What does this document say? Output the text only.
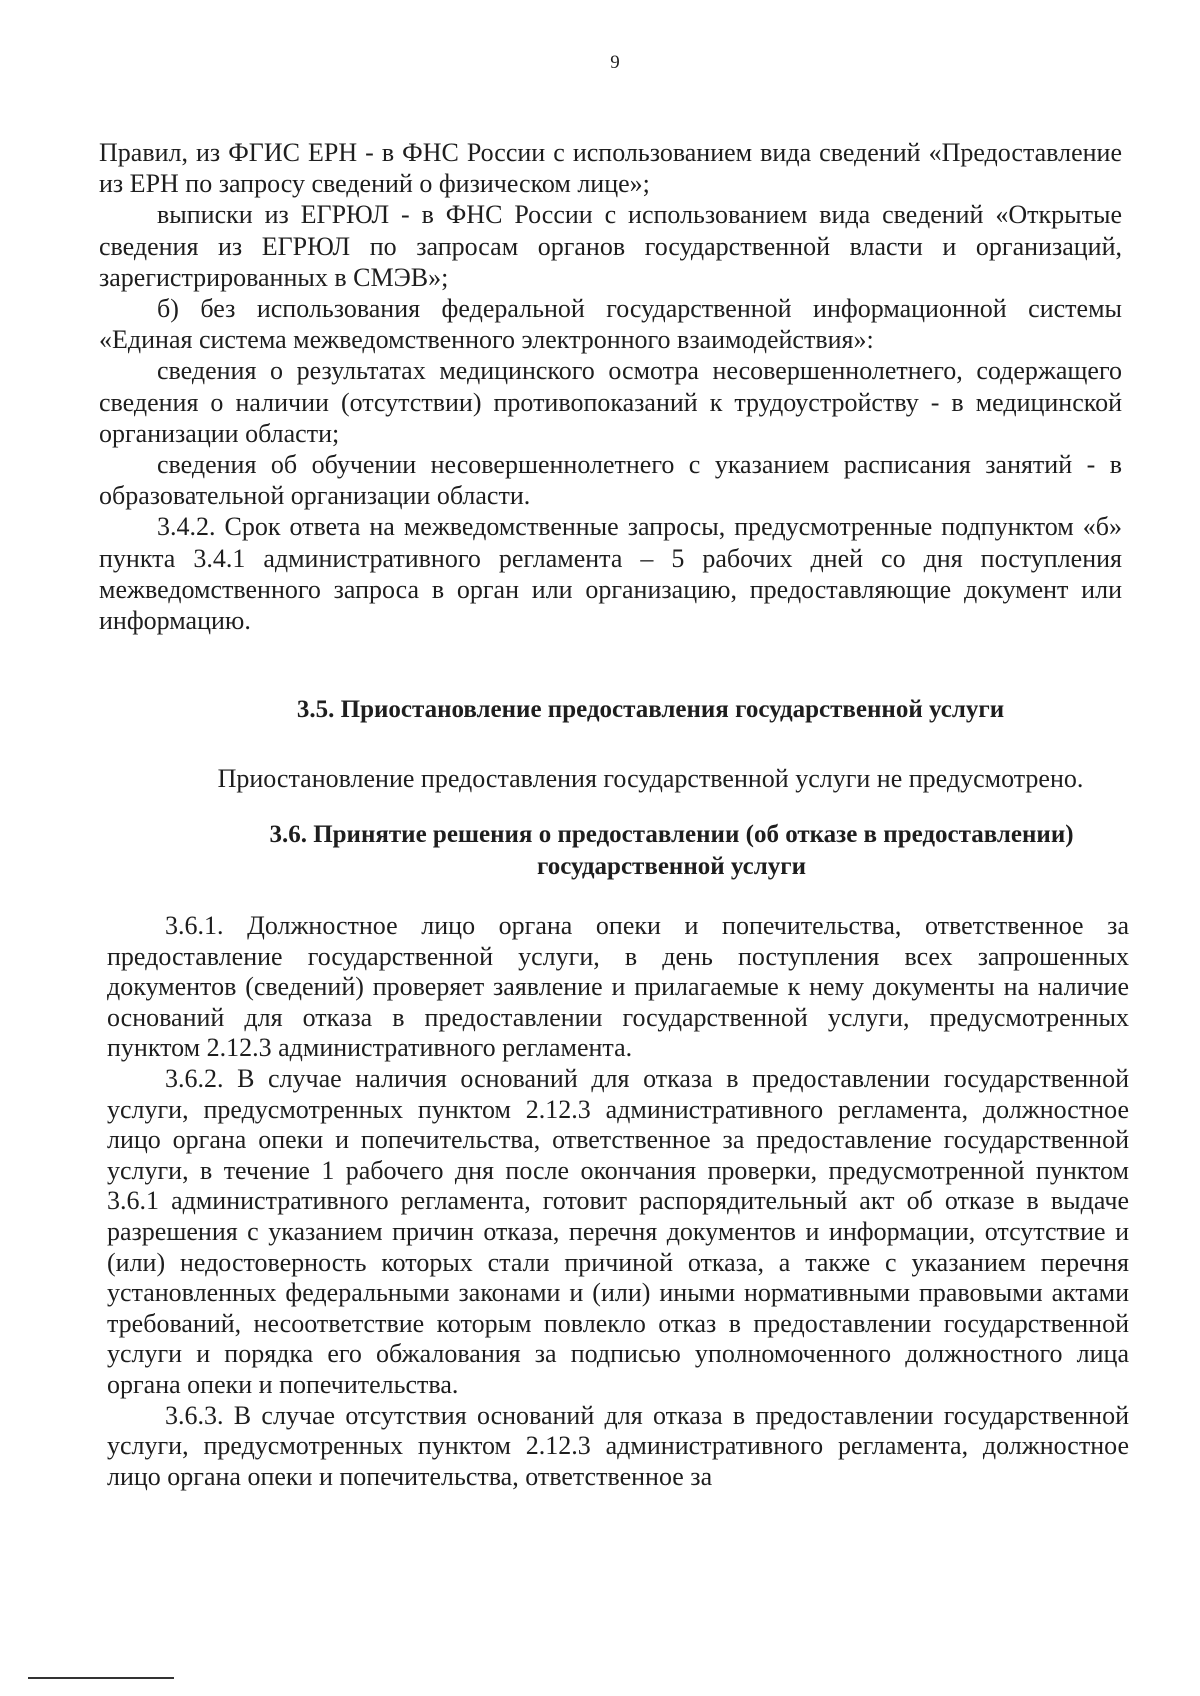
9

Правил, из ФГИС ЕРН - в ФНС России с использованием вида сведений «Предоставление из ЕРН по запросу сведений о физическом лице»;

выписки из ЕГРЮЛ - в ФНС России с использованием вида сведений «Открытые сведения из ЕГРЮЛ по запросам органов государственной власти и организаций, зарегистрированных в СМЭВ»;

б) без использования федеральной государственной информационной системы «Единая система межведомственного электронного взаимодействия»:

сведения о результатах медицинского осмотра несовершеннолетнего, содержащего сведения о наличии (отсутствии) противопоказаний к трудоустройству - в медицинской организации области;

сведения об обучении несовершеннолетнего с указанием расписания занятий - в образовательной организации области.

3.4.2. Срок ответа на межведомственные запросы, предусмотренные подпунктом «б» пункта 3.4.1 административного регламента – 5 рабочих дней со дня поступления межведомственного запроса в орган или организацию, предоставляющие документ или информацию.

3.5. Приостановление предоставления государственной услуги
Приостановление предоставления государственной услуги не предусмотрено.
3.6. Принятие решения о предоставлении (об отказе в предоставлении)
государственной услуги

3.6.1. Должностное лицо органа опеки и попечительства, ответственное за предоставление государственной услуги, в день поступления всех запрошенных документов (сведений) проверяет заявление и прилагаемые к нему документы на наличие оснований для отказа в предоставлении государственной услуги, предусмотренных пунктом 2.12.3 административного регламента.

3.6.2. В случае наличия оснований для отказа в предоставлении государственной услуги, предусмотренных пунктом 2.12.3 административного регламента, должностное лицо органа опеки и попечительства, ответственное за предоставление государственной услуги, в течение 1 рабочего дня после окончания проверки, предусмотренной пунктом 3.6.1 административного регламента, готовит распорядительный акт об отказе в выдаче разрешения с указанием причин отказа, перечня документов и информации, отсутствие и (или) недостоверность которых стали причиной отказа, а также с указанием перечня установленных федеральными законами и (или) иными нормативными правовыми актами требований, несоответствие которым повлекло отказ в предоставлении государственной услуги и порядка его обжалования за подписью уполномоченного должностного лица органа опеки и попечительства.

3.6.3. В случае отсутствия оснований для отказа в предоставлении государственной услуги, предусмотренных пунктом 2.12.3 административного регламента, должностное лицо органа опеки и попечительства, ответственное за
